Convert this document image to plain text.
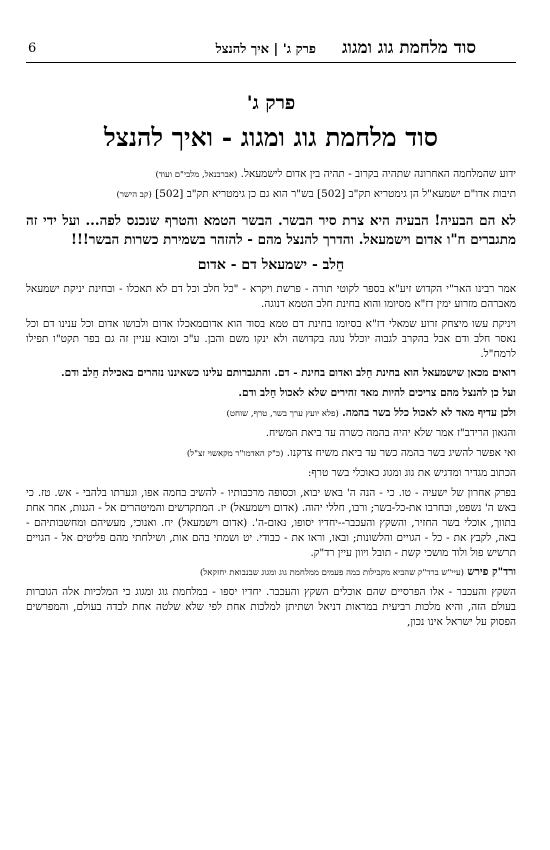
סוד מלחמת גוג ומגוג
פרק ג' | איך להנצל
6
פרק ג'
סוד מלחמת גוג ומגוג - ואיך להנצל

ידוע שהמלחמה האחרונה שתהיה בקרוב - תהיה בין אדום לישמעאל. (אברבנאל, מלבי"ם ועוד)

תיבות אדו"ם ישמעא"ל הן גימטריא תק"ב [502] בש"ר הוא גם כן גימטריא תק"ב [502] (קב הישר)

לא הם הבעיה! הבעיה היא צרת סיר הבשר. הבשר הטמא והטרף שנכנס לפה... ועל ידי זה מתגברים ח"ו אדום וישמעאל. והדרך להנצל מהם - להזהר בשמירת כשרות הבשר!!!
חֵלב - ישמעאל דם - אדום

אמר רבינו האר"י הקדוש זיע"א בספר לקוטי תורה - פרשת ויקרא - "כל חלב וכל דם לא תאכלו - ובחינת יניקת ישמעאל מאברהם מזרוע ימין דז"א מסיומו והוא בחינת חלב הטמא דנוגה.

ויניקת עשו מיצחק זרוע שמאלי דז"א בסיומו בחינת דם טמא בסוד הוא אדוםמאכלו אדום ולבושו אדום וכל ענינו דם וכל נאסר חלב ודם אבל בהקרב לגבוה יוכלל נוגה בקדושה ולא ינקו משם והבן. ע"כ ומובא עניין זה גם בפר תקט"ו תפילו לרמח"ל.

רואים מכאן שישמעאל הוא בחינת חֵלב ואדום בחינת - דם. והתגברותם עלינו כשאיננו נזהרים באכילת חֵלב ודם.

ועל כן להנצל מהם צריכים להיות מאד זהירים שלא לאכול חֵלב ודם.

ולכן עדיף מאד לא לאכול כלל בשר בהמה. (פלא יועץ ערך בשר, טרף, שוחט)

והגאון הרידב"ז אמר שלא יהיה בהמה כשרה עד ביאת המשיח.

ואי אפשר להשיג בשר בהמה כשר עד ביאת משיח צדקנו. (כ"ק האדמו"ר מקאשוי זצ"ל)

הכתוב מגדיר ומדגיש את גוג ומגוג כאוכלי בשר טרף:

בפרק אחרון של ישעיה - טו. כי - הנה ה' באש יבוא, וכסופה מרכבותיו - להשיב בחמה אפו, וגערתו בלהבי - אש. טז. כי באש ה' נשפט, ובחרבו את-כל-בשר; ורבו, חללי יהוה. (אדום וישמעאל) יז. המתקדשים והמיטהרים אל - הגנות, אחר אחת בתווך, אוכלי בשר החזיר, והשקץ והעכבר--יחדיו יסופו, נאום-ה'. (אדום וישמעאל) יח. ואנוכי, מעשיהם ומחשבותיהם - באה, לקבץ את - כל - הגויים והלשונות; ובאו, וראו את - כבודי. יט ושמתי בהם אות, ושילחתי מהם פליטים אל - הגויים תרשיש פול ולוד מושכי קשת - תובל ויוון עיין רד"ק.

ורד"ק פירש (עיי"ש ברד"ק שהביא מקבילות כמה פעמים ממלחמת גוג ומגוג שבנבואת יחזקאל)

השקץ והעכבר - אלו הפרסיים שהם אוכלים השקץ והעכבר. יחדיו יספו - במלחמת גוג ומגוג כי המלכיות אלה הגוברות בעולם הזה, והיא מלכות רביעית במראות דניאל ושתיתן למלכות אחת לפי שלא שלטה אחת לבדה בעולם, והמפרשים הפסוק על ישראל אינו נכון,
